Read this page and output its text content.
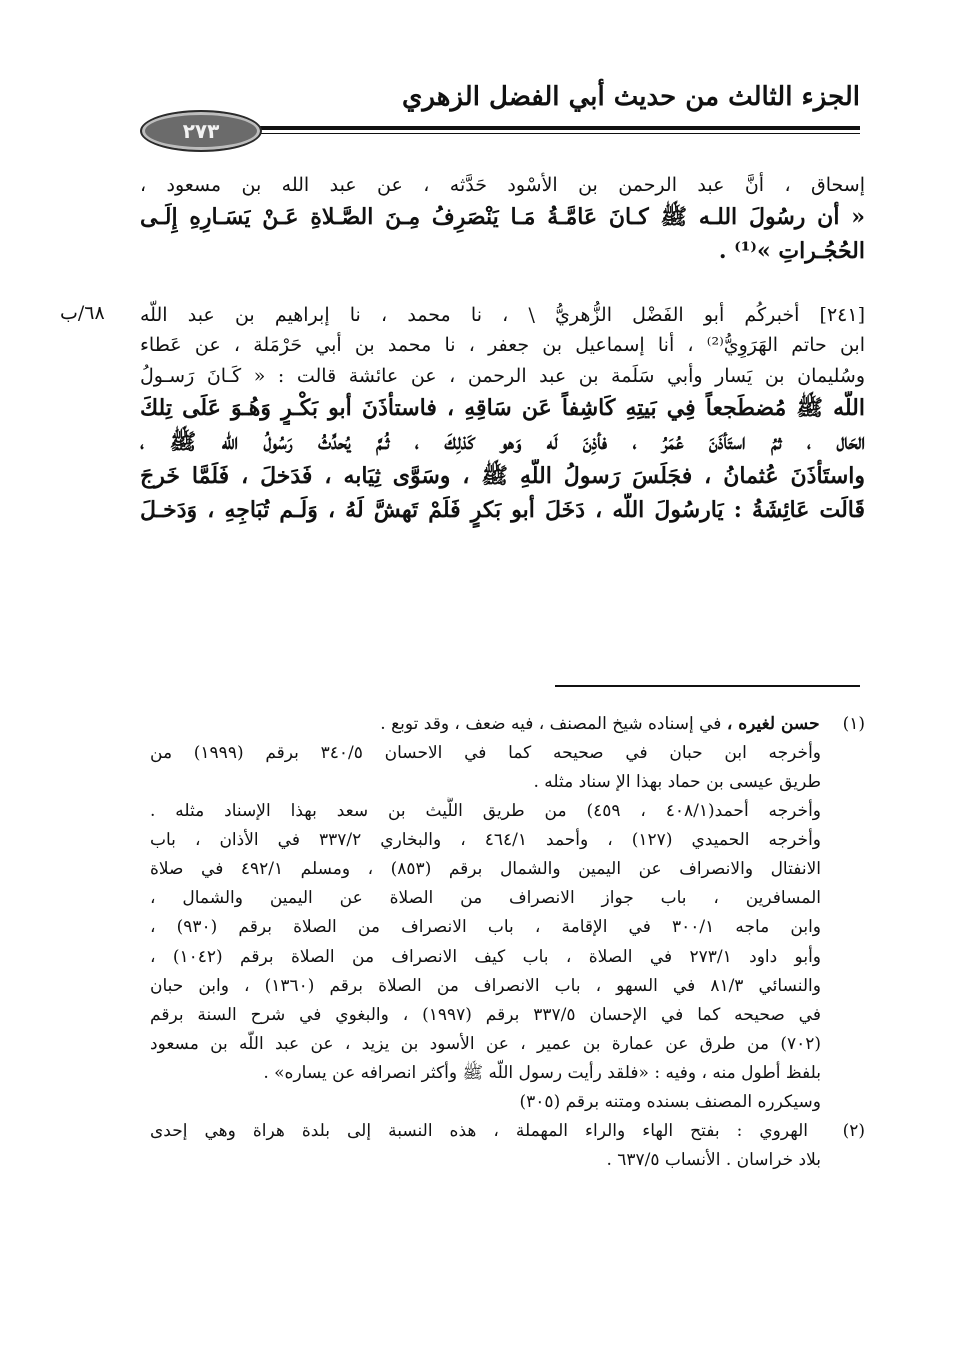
الجزء الثالث من حديث أبي الفضل الزهري
٢٧٣
إسحاق ، أنَّ عبد الرحمن بن الأسْود حَدَّثه ، عن عبد الله بن مسعود ،
« أن رسُولَ اللـه ﷺ كـانَ عَامَّـةُ مَـا يَنْصَرِفُ مِـنَ الصَّـلاةِ عَـنْ يَسَـارِهِ إِلَـى
الحُجُـراتِ »⁽¹⁾ .
٦٨/ب	[٢٤١] أخبركُم أبو الفَضْل الزُّهريُّ \ ، نا محمد ، نا إبراهيم بن عبد اللّه
ابن حاتم الهَرَوِيُّ⁽²⁾ ، أنا إسماعيل بن جعفر ، نا محمد بن أبي حَرْمَلة ، عن عَطاء
وسُليمان بن يَسار وأبي سَلَمة بن عبد الرحمن ، عن عائشة قالت : « كَـانَ رَسـولُ
اللّه ﷺ مُضطَجعاً فِي بَيتِهِ كَاشِفاً عَن سَاقِهِ ، فاستأذَنَ أبو بَكْـرٍ وَهُـوَ عَلَى تِلكَ
الحَال ، ثمُ استَأذَنَ عُمَرُ ، فأذِنَ لَه وَهو كَذلِكَ ، ثُـمَّ يُحدِّثُ رَسُولُ اللّه ﷺ ،
واستَأذَنَ عُثمانُ ، فجَلَسَ رَسولُ اللّهِ ﷺ ، وسَوَّى ثِيَابه ، فَدَخلَ ، فَلَمَّا خَرجَ
قَالَت عَائِشَةُ : يَارسُولَ اللّه ، دَخَلَ أبو بَكرٍ فَلَمْ تَهشَّ لَهُ ، وَلَـم تُبَاجِهِ ، وَدَخـلَ
(١) حسن لغيره ، في إسناده شيخ المصنف ، فيه ضعف ، وقد توبع .
وأخرجه ابن حبان في صحيحه كما في الاحسان ٣٤٠/٥ برقم (١٩٩٩) من
طريق عيسى بن حماد بهذا الإ سناد مثله .
وأخرجه أحمد(٤٠٨/١ ، ٤٥٩) من طريق اللَّيث بن سعد بهذا الإسناد مثله .
وأخرجه الحميدي (١٢٧) ، وأحمد ٤٦٤/١ ، والبخاري ٣٣٧/٢ في الأذان ، باب
الانفتال والانصراف عن اليمين والشمال برقم (٨٥٣) ، ومسلم ٤٩٢/١ في صلاة
المسافرين ، باب جواز الانصراف من الصلاة عن اليمين والشمال ،
وابن ماجه ٣٠٠/١ في الإقامة ، باب الانصراف من الصلاة برقم (٩٣٠) ،
وأبو داود ٢٧٣/١ في الصلاة ، باب كيف الانصراف من الصلاة برقم (١٠٤٢) ،
والنسائي ٨١/٣ في السهو ، باب الانصراف من الصلاة برقم (١٣٦٠) ، وابن حبان
في صحيحه كما في الإحسان ٣٣٧/٥ برقم (١٩٩٧) ، والبغوي في شرح السنة برقم
(٧٠٢) من طرق عن عمارة بن عمير ، عن الأسود بن يزيد ، عن عبد اللّه بن مسعود
بلفظ أطول منه ، وفيه : «فلقد رأيت رسول اللّه ﷺ وأكثر انصرافه عن يساره» .
وسيكرره المصنف بسنده ومتنه برقم (٣٠٥)
(٢) الهروي : بفتح الهاء والراء المهملة ، هذه النسبة إلى بلدة هراة وهي إحدى
بلاد خراسان . الأنساب ٦٣٧/٥ .
